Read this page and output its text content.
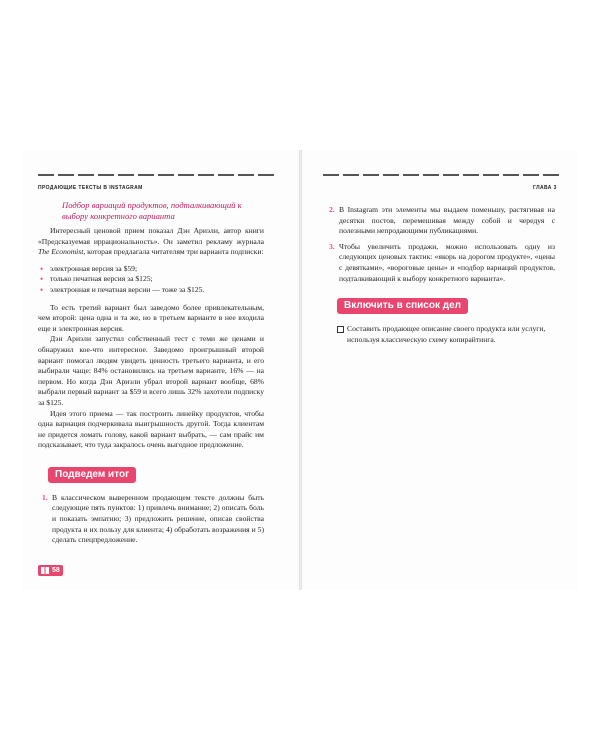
ПРОДАЮЩИЕ ТЕКСТЫ В INSTAGRAM	ГЛАВА 3
Подбор вариаций продуктов, подталкивающий к выбору конкретного варианта

Интересный ценовой прием показал Дэн Ариэли, автор книги «Предсказуемая иррациональность». Он заметил рекламу журнала The Economist, которая предлагала читателям три варианта подписки:

• электронная версия за $59;
• только печатная версия за $125;
• электронная и печатная версии — тоже за $125.

То есть третий вариант был заведомо более привлекательным, чем второй: цена одна и та же, но в третьем варианте в нее входила еще и электронная версия.

Дэн Ариэли запустил собственный тест с теми же ценами и обнаружил кое-что интересное. Заведомо проигрышный второй вариант помогал людям увидеть ценность третьего варианта, и его выбирали чаще: 84% остановились на третьем варианте, 16% — на первом. Но когда Дэн Ариэли убрал второй вариант вообще, 68% выбрали первый вариант за $59 и всего лишь 32% захотели подписку за $125.

Идея этого приема — так построить линейку продуктов, чтобы одна вариация подчеркивала выигрышность другой. Тогда клиентам не придется ломать голову, какой вариант выбрать, — сам прайс им подсказывает, что туда закралось очень выгодное предложение.

Подведем итог
1. В классическом выверенном продающем тексте должны быть следующие пять пунктов: 1) привлечь внимание; 2) описать боль и показать эмпатию; 3) предложить решение, описав свойства продукта и их пользу для клиента; 4) обработать возражения и 5) сделать спецпредложение.
58
2. В Instagram эти элементы мы выдаем поменьшу, растягивая на десятки постов, перемешивая между собой и чередуя с полезными непродающими публикациями.
3. Чтобы увеличить продажи, можно использовать одну из следующих ценовых тактик: «якорь на дорогом продукте», «цены с девятками», «вороговые цены» и «подбор вариаций продуктов, подталкивающий к выбору конкретного варианта».
Включить в список дел
Составить продающее описание своего продукта или услуги, используя классическую схему копирайтинга.
